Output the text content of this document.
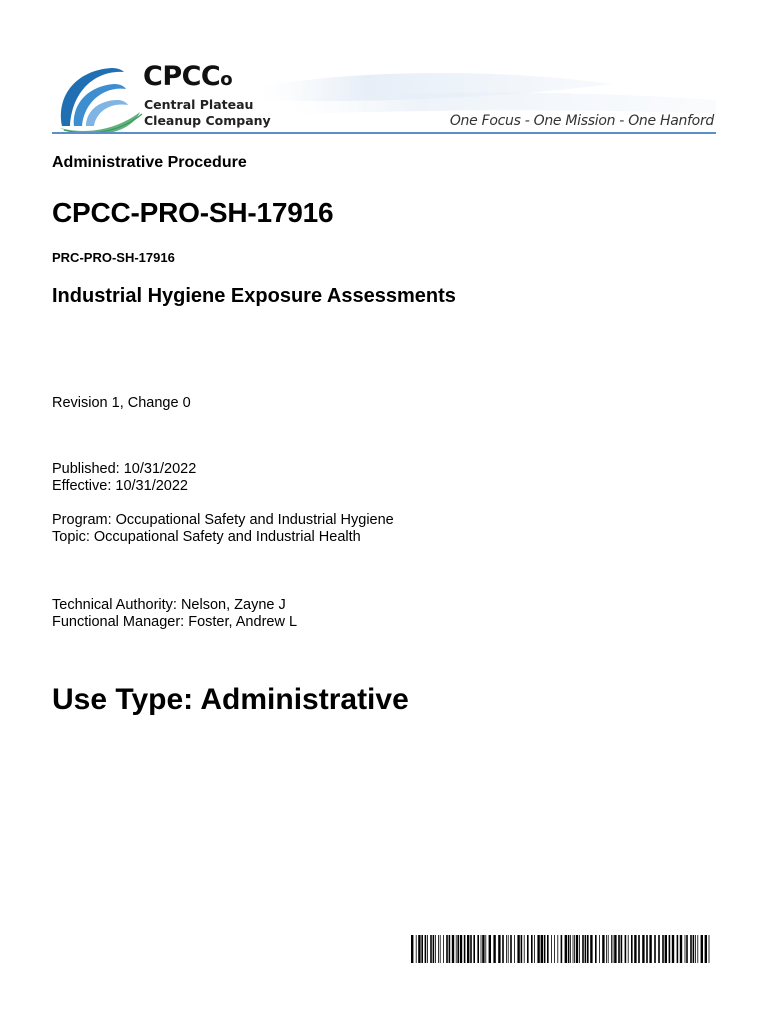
CPCCo
Central Plateau
Cleanup Company	One Focus - One Mission - One Hanford

Administrative Procedure

CPCC-PRO-SH-17916

PRC-PRO-SH-17916

Industrial Hygiene Exposure Assessments

Revision 1, Change 0

Published: 10/31/2022

Effective: 10/31/2022

Program: Occupational Safety and Industrial Hygiene

Topic: Occupational Safety and Industrial Health

Technical Authority: Nelson, Zayne J

Functional Manager: Foster, Andrew L

Use Type: Administrative
